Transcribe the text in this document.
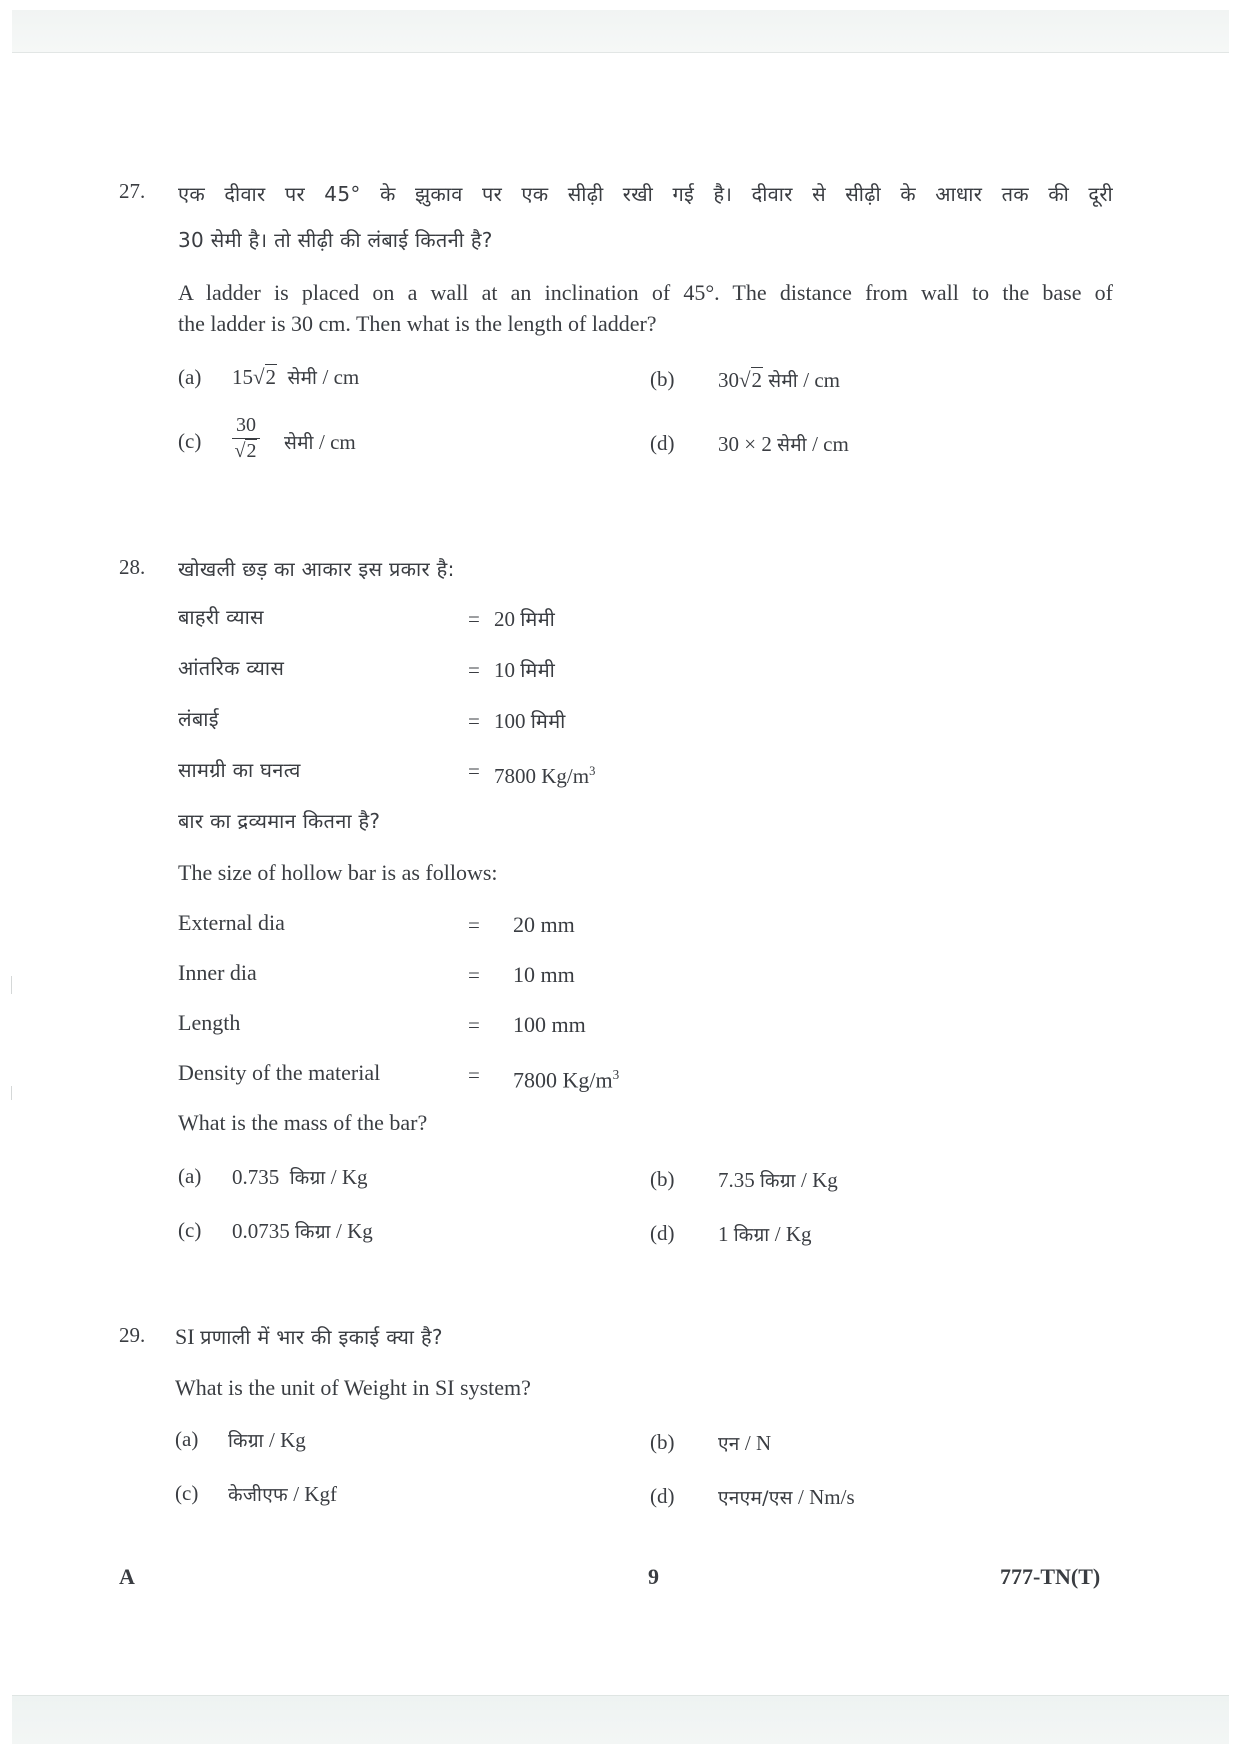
27. एक दीवार पर 45° के झुकाव पर एक सीढ़ी रखी गई है। दीवार से सीढ़ी के आधार तक की दूरी
30 सेमी है। तो सीढ़ी की लंबाई कितनी है?
A ladder is placed on a wall at an inclination of 45°. The distance from wall to the base of
the ladder is 30 cm. Then what is the length of ladder?
(a) 15√2 सेमी / cm	(b) 30√2 सेमी / cm
$(c) \frac{30}{√2}$ सेमी / cm	(d) 30 × 2 सेमी / cm
28. खोखली छड़ का आकार इस प्रकार है:
बाहरी व्यास	= 20 मिमी
आंतरिक व्यास	= 10 मिमी
लंबाई	= 100 मिमी
सामग्री का घनत्व	= 7800 $Kg/m^3$
बार का द्रव्यमान कितना है?
The size of hollow bar is as follows:
External dia	= 20 mm
Inner dia	= 10 mm
Length	= 100 mm
Density of the material	= 7800 $Kg/m^3$
What is the mass of the bar?
(a) 0.735  किग्रा / Kg	(b) 7.35 किग्रा / Kg
(c) 0.0735 किग्रा / Kg	(d) 1 किग्रा / Kg
29. SI प्रणाली में भार की इकाई क्या है?
What is the unit of Weight in SI system?
(a) किग्रा / Kg	(b) एन / N
(c) केजीएफ / Kgf	(d) एनएम/एस / Nm/s
A	9	777-TN(T)
